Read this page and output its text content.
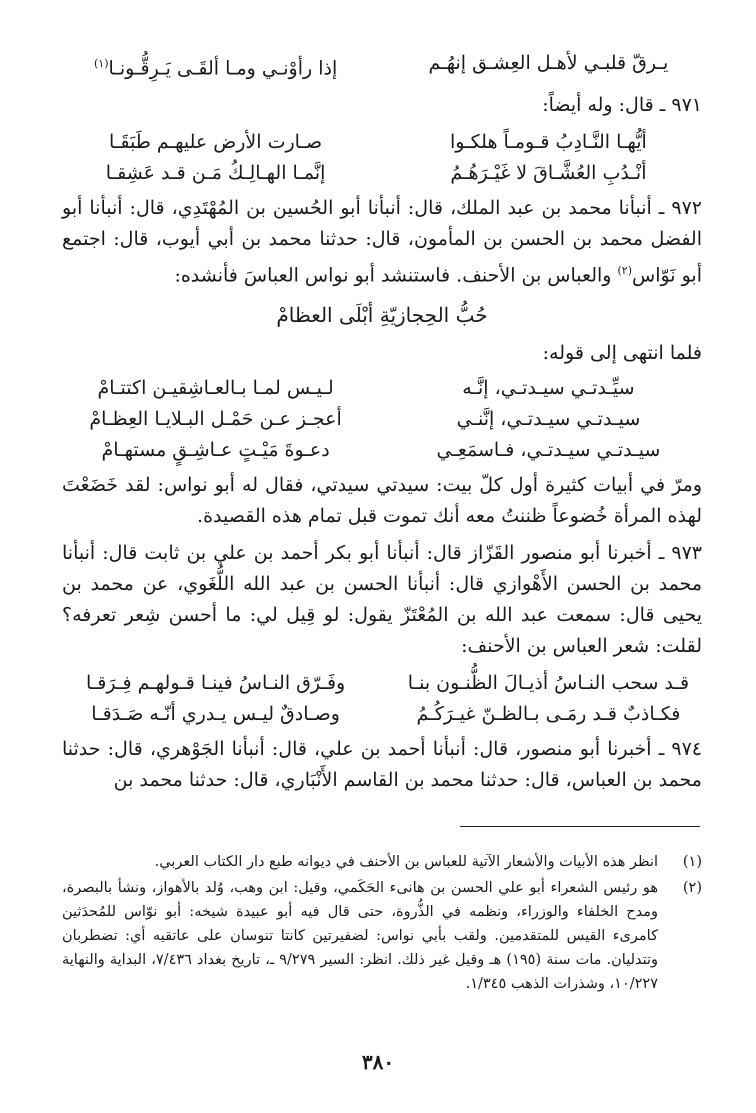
يـرقّ قلبـي لأهـل العِشـق إنهُـم
إذا رأوْنـي ومـا ألقَـى يَـرِقُّـونـا$^{(١)}$

٩٧١ ـ قال: وله أيضاً:

أيُّهـا النَّـادِبُ قـومـاً هلكـوا
صـارت الأرض عليهـم طَبَقَـا
أنْـدُبِ العُشَّـاقَ لا غَيْـرَهُـمُ
إنَّمـا الهـالِـكُ مَـن قـد عَشِقـا

٩٧٢ ـ أنبأنا محمد بن عبد الملك، قال: أنبأنا أبو الحُسين بن المُهْتَدِي، قال: أنبأنا أبو الفضل محمد بن الحسن بن المأمون، قال: حدثنا محمد بن أبي أيوب، قال: اجتمع أبو نَوّاس$^{(٢)}$ والعباس بن الأحنف. فاستنشد أبو نواس العباسَ فأنشده:

حُبُّ الحِجازيّةِ أبْلَى العظامْ

فلما انتهى إلى قوله:

سيِّـدتـي سيـدتـي، إنَّـه
لـيـس لمـا بـالعـاشِقيـن اكتتـامْ
سيـدتـي سيـدتـي، إنَّنـي
أعجـز عـن حَمْـل البـلايـا العِظـامْ
سيـدتـي سيـدتـي، فـاسمَعِـي
دعـوةَ مَيْـتٍ عـاشِـقٍ مستهـامْ

ومرّ في أبيات كثيرة أول كلّ بيت: سيدتي سيدتي، فقال له أبو نواس: لقد خَضَعْتَ لهذه المرأة خُضوعاً ظننتُ معه أنك تموت قبل تمام هذه القصيدة.

٩٧٣ ـ أخبرنا أبو منصور القَزّاز قال: أنبأنا أبو بكر أحمد بن علي بن ثابت قال: أنبأنا محمد بن الحسن الأَهْوازي قال: أنبأنا الحسن بن عبد الله اللُّغَوي، عن محمد بن يحيى قال: سمعت عبد الله بن المُعْتَزّ يقول: لو قِيل لي: ما أحسن شِعر تعرفه؟ لقلت: شعر العباس بن الأحنف:

قـد سحب النـاسُ أذيـالَ الظُّنـون بنـا
وفَـرّق النـاسُ فينـا قـولهـم فِـرَقـا
فكـاذبٌ قـد رمَـى بـالظـنّ غيـرَكُـمُ
وصـادقٌ ليـس يـدري أنّـه صَـدَقـا

٩٧٤ ـ أخبرنا أبو منصور، قال: أنبأنا أحمد بن علي، قال: أنبأنا الجَوْهري، قال: حدثنا محمد بن العباس، قال: حدثنا محمد بن القاسم الأَنْبَاري، قال: حدثنا محمد بن

(١)
انظر هذه الأبيات والأشعار الآتية للعباس بن الأحنف في ديوانه طبع دار الكتاب العربي.
(٢)
هو رئيس الشعراء أبو علي الحسن بن هانىء الحَكَمي، وقيل: ابن وهب، وُلد بالأهواز، ونشأ بالبصرة، ومدح الخلفاء والوزراء، ونظمه في الذُّروة، حتى قال فيه أبو عبيدة شيخه: أبو نوّاس للمُحدَثين كامرىء القيس للمتقدمين. ولقب بأبي نواس: لضفيرتين كانتا تنوسان على عاتقيه أي: تضطربان وتتدليان. مات سنة (١٩٥) هـ وقيل غير ذلك. انظر: السير ٩/٢٧٩ ـ، تاريخ بغداد ٧/٤٣٦، البداية والنهاية ١٠/٢٢٧، وشذرات الذهب ١/٣٤٥.
٣٨٠
